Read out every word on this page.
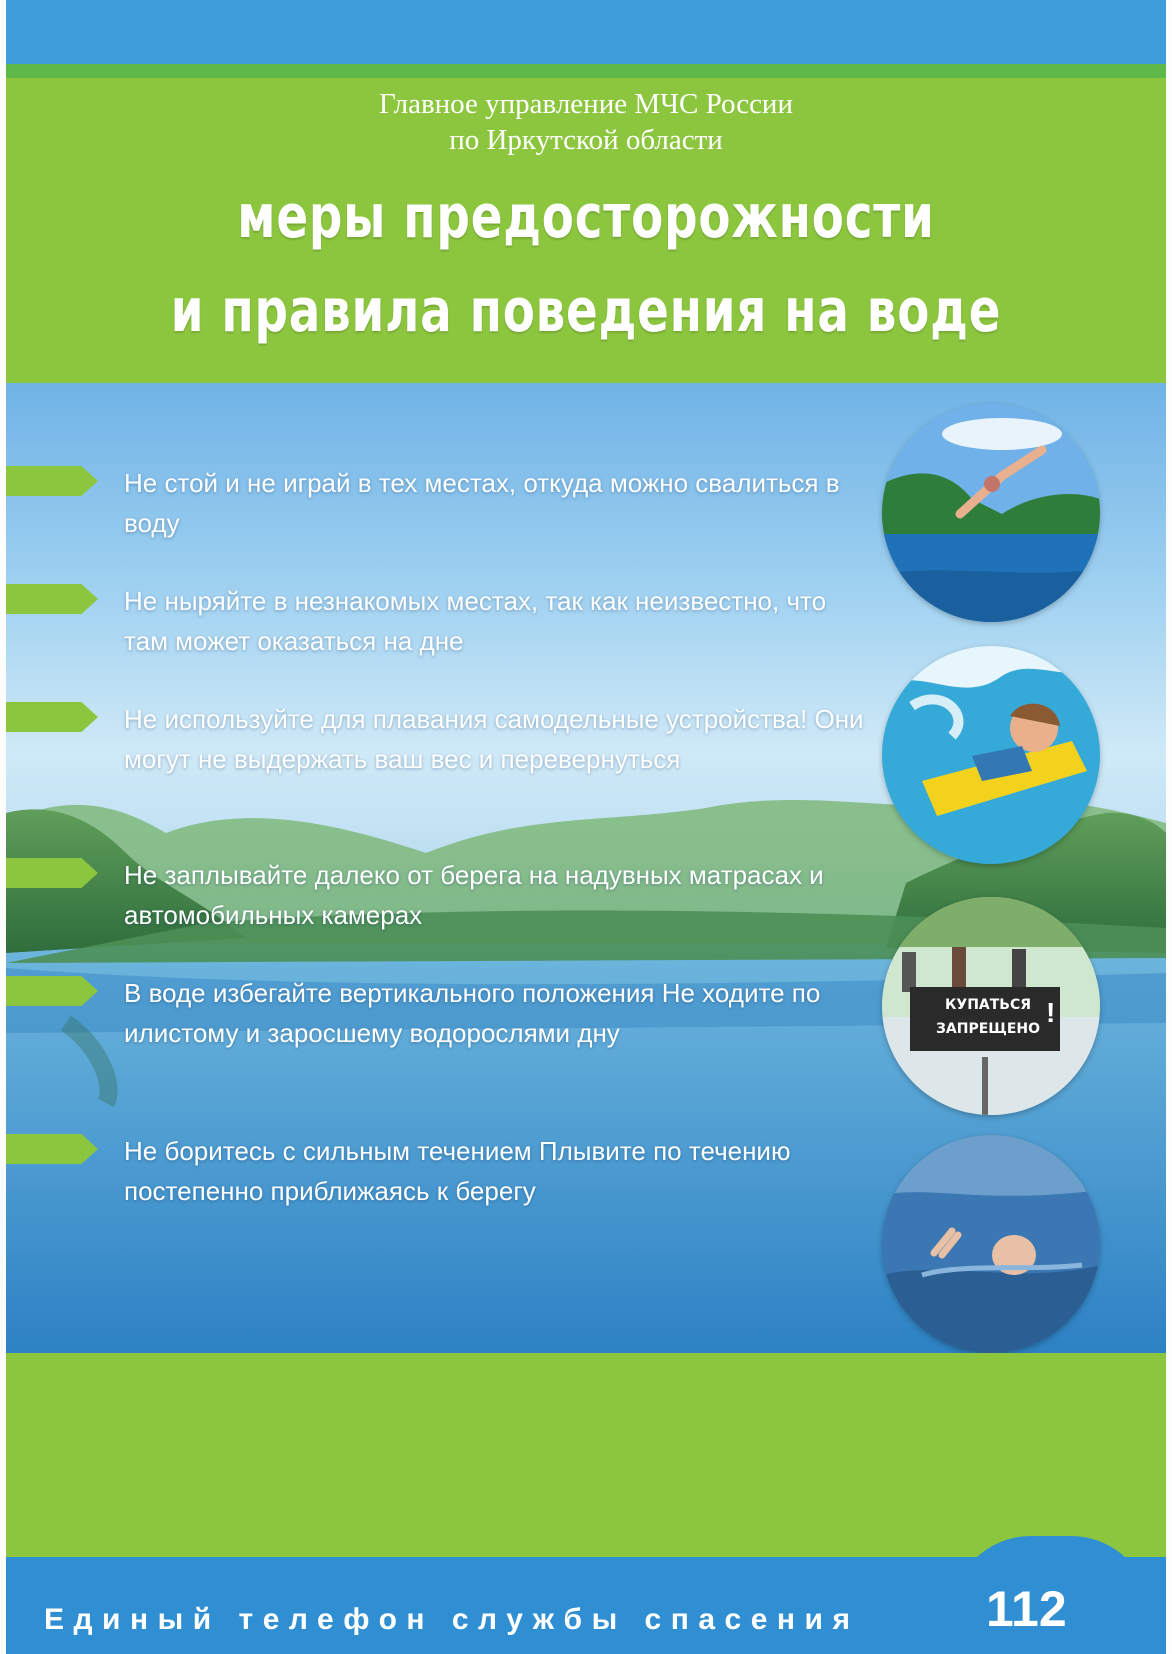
Главное управление МЧС России
по Иркутской области
меры предосторожности
и правила поведения на воде
Не стой и не играй в тех местах, откуда можно свалиться в воду
Не ныряйте в незнакомых местах, так как неизвестно, что там может оказаться на дне
Не используйте для плавания самодельные устройства! Они могут не выдержать ваш вес и перевернуться
Не заплывайте далеко от берега на надувных матрасах и автомобильных камерах
В воде избегайте вертикального положения Не ходите по илистому и заросшему водорослями дну
Не боритесь с сильным течением Плывите по течению постепенно приближаясь к берегу
КУПАТЬСЯ
ЗАПРЕЩЕНО
!
Единый телефон службы спасения	112
